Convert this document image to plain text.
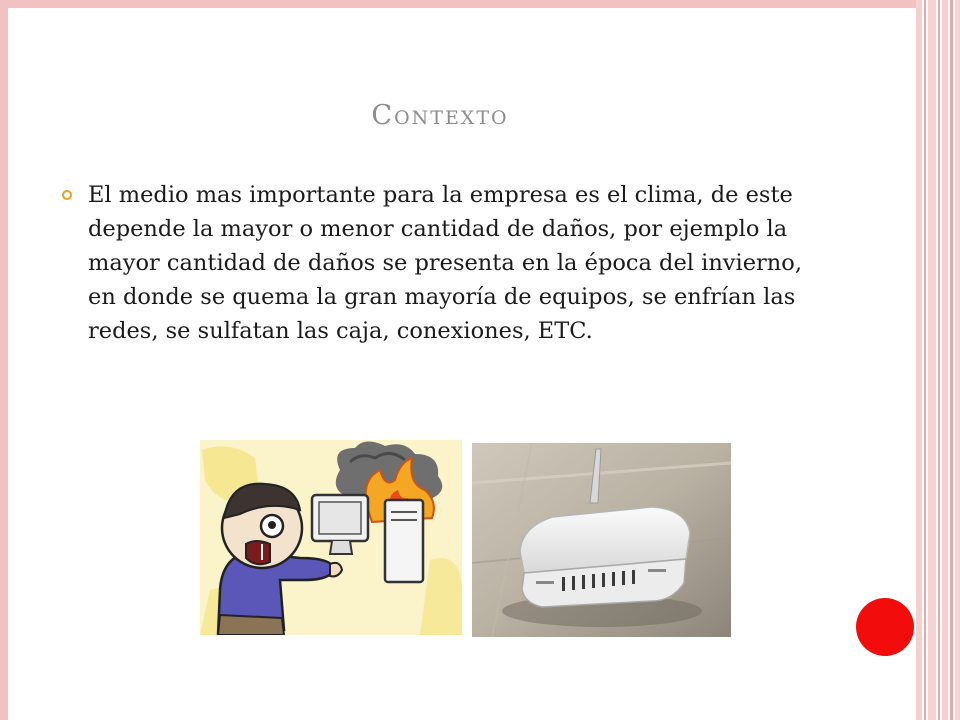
Contexto
El medio mas importante para la empresa es el clima, de este depende la mayor o menor cantidad de daños, por ejemplo la mayor cantidad de daños se presenta en la época del invierno, en donde se quema la gran mayoría de equipos, se enfrían las redes, se sulfatan las caja, conexiones, ETC.
